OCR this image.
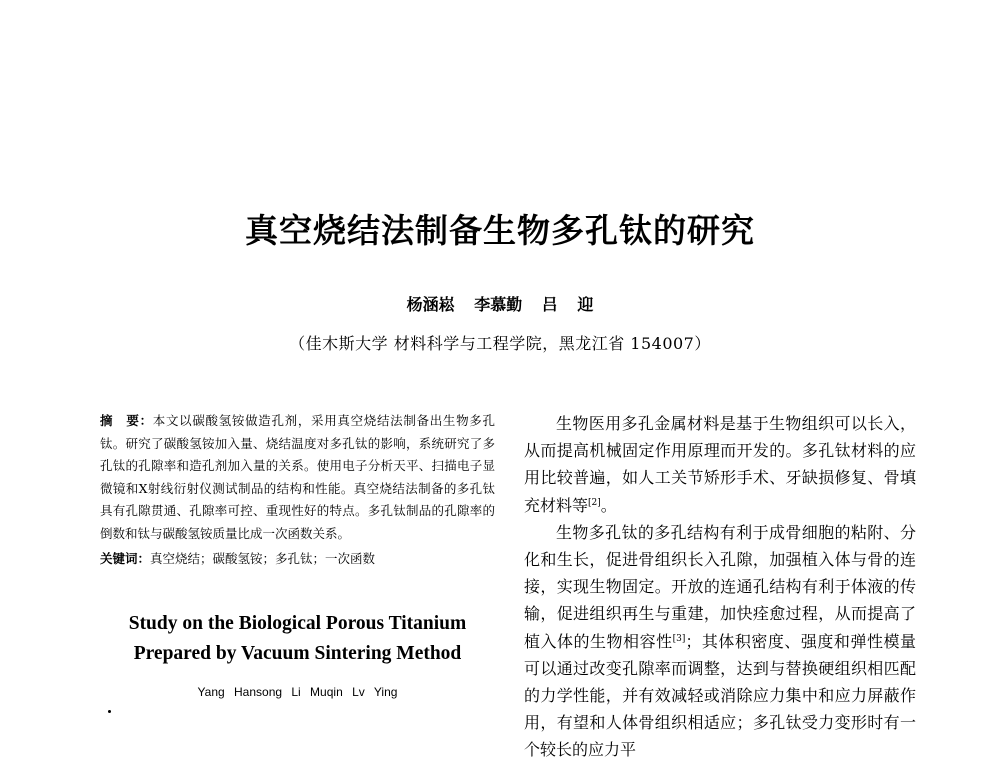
真空烧结法制备生物多孔钛的研究
杨涵崧 李慕勤 吕 迎
（佳木斯大学 材料科学与工程学院，黑龙江省 154007）

摘　要：本文以碳酸氢铵做造孔剂，采用真空烧结法制备出生物多孔钛。研究了碳酸氢铵加入量、烧结温度对多孔钛的影响，系统研究了多孔钛的孔隙率和造孔剂加入量的关系。使用电子分析天平、扫描电子显微镜和X射线衍射仪测试制品的结构和性能。真空烧结法制备的多孔钛具有孔隙贯通、孔隙率可控、重现性好的特点。多孔钛制品的孔隙率的倒数和钛与碳酸氢铵质量比成一次函数关系。

关键词：真空烧结；碳酸氢铵；多孔钛；一次函数

Study on the Biological Porous Titanium
Prepared by Vacuum Sintering Method
Yang Hansong Li Muqin Lv Ying

生物医用多孔金属材料是基于生物组织可以长入，从而提高机械固定作用原理而开发的。多孔钛材料的应用比较普遍，如人工关节矫形手术、牙缺损修复、骨填充材料等[2]。

生物多孔钛的多孔结构有利于成骨细胞的粘附、分化和生长，促进骨组织长入孔隙，加强植入体与骨的连接，实现生物固定。开放的连通孔结构有利于体液的传输，促进组织再生与重建，加快痊愈过程，从而提高了植入体的生物相容性[3]；其体积密度、强度和弹性模量可以通过改变孔隙率而调整，达到与替换硬组织相匹配的力学性能，并有效减轻或消除应力集中和应力屏蔽作用，有望和人体骨组织相适应；多孔钛受力变形时有一个较长的应力平
